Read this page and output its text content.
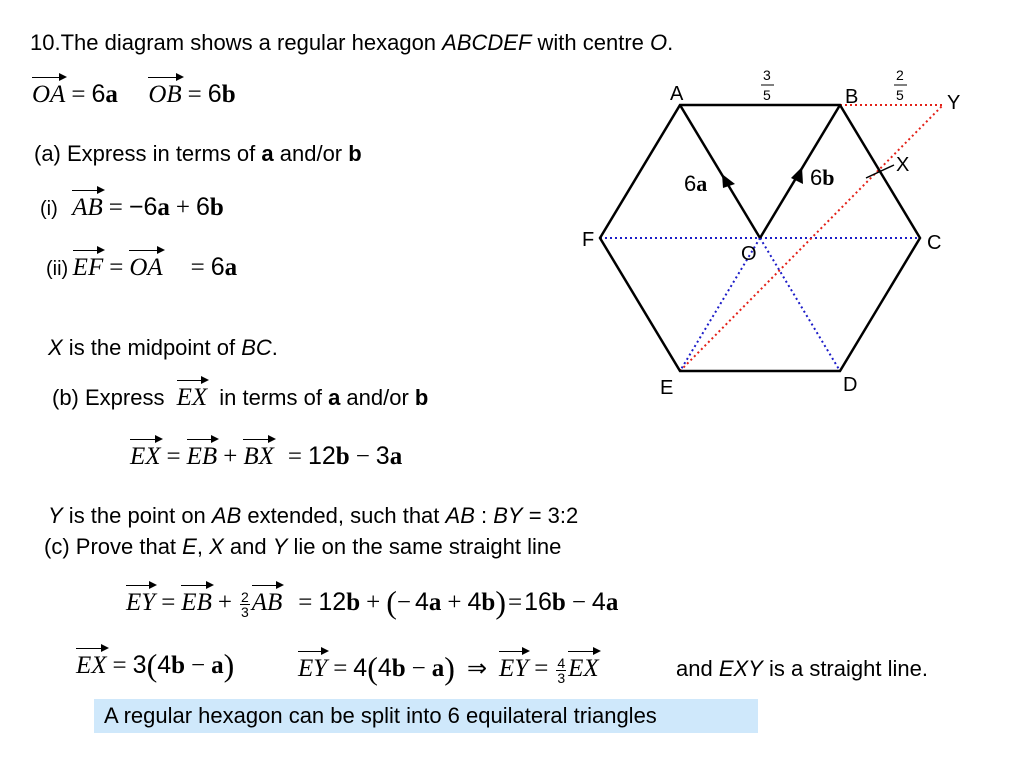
10.The diagram shows a regular hexagon ABCDEF with centre O.
OA = 6a OB = 6b
(a) Express in terms of a and/or b
(i) AB = −6a + 6b
(ii) EF = OA = 6a
X is the midpoint of BC.
(b) Express EX in terms of a and/or b
EX = EB + BX = 12b − 3a
Y is the point on AB extended, such that AB : BY = 3:2
(c) Prove that E, X and Y lie on the same straight line
EY = EB + $\frac{2}{3}$ AB = 12b + (− 4a + 4b)=16b − 4a
EX = 3(4b − a)	EY = 4(4b − a) ⇒ EY = $\frac{4}{3}$ EX	and EXY is a straight line.
A regular hexagon can be split into 6 equilateral triangles
6a	6b
A	B
C
D
E
F
O
X
Y
3
5
2
5
